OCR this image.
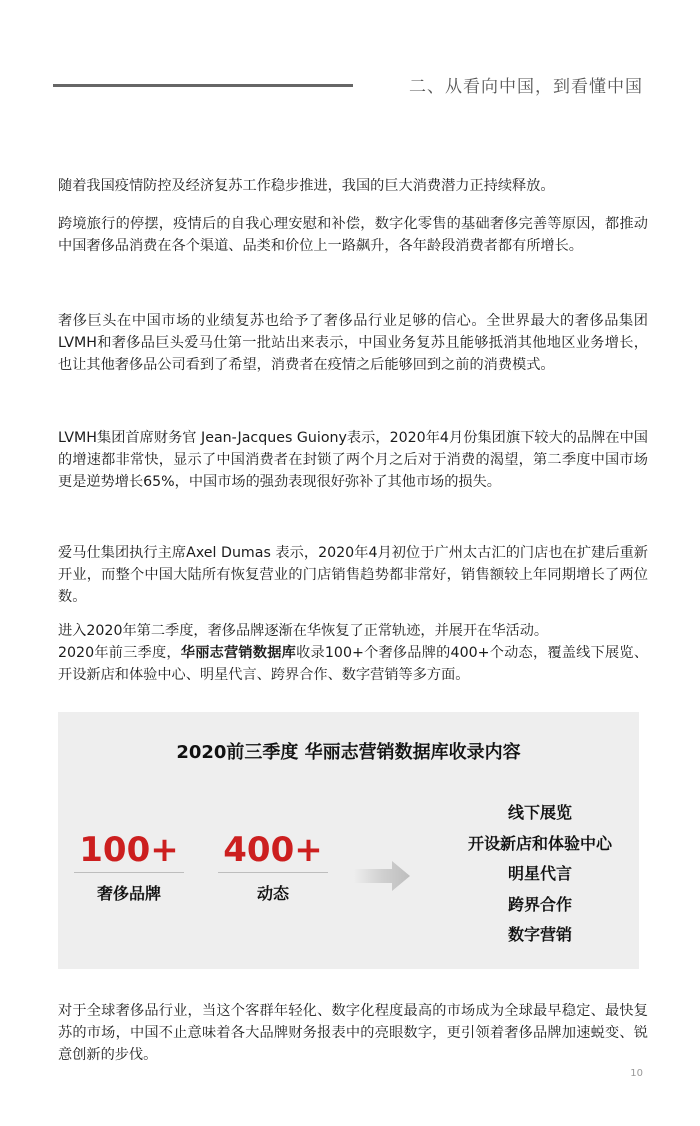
二、从看向中国，到看懂中国

随着我国疫情防控及经济复苏工作稳步推进，我国的巨大消费潜力正持续释放。

跨境旅行的停摆，疫情后的自我心理安慰和补偿，数字化零售的基础奢侈完善等原因，都推动中国奢侈品消费在各个渠道、品类和价位上一路飙升，各年龄段消费者都有所增长。

奢侈巨头在中国市场的业绩复苏也给予了奢侈品行业足够的信心。全世界最大的奢侈品集团LVMH和奢侈品巨头爱马仕第一批站出来表示，中国业务复苏且能够抵消其他地区业务增长，也让其他奢侈品公司看到了希望，消费者在疫情之后能够回到之前的消费模式。

LVMH集团首席财务官 Jean-Jacques Guiony表示，2020年4月份集团旗下较大的品牌在中国的增速都非常快，显示了中国消费者在封锁了两个月之后对于消费的渴望，第二季度中国市场更是逆势增长65%，中国市场的强劲表现很好弥补了其他市场的损失。

爱马仕集团执行主席Axel Dumas 表示，2020年4月初位于广州太古汇的门店也在扩建后重新开业，而整个中国大陆所有恢复营业的门店销售趋势都非常好，销售额较上年同期增长了两位数。

进入2020年第二季度，奢侈品牌逐渐在华恢复了正常轨迹，并展开在华活动。
2020年前三季度，华丽志营销数据库收录100+个奢侈品牌的400+个动态，覆盖线下展览、开设新店和体验中心、明星代言、跨界合作、数字营销等多方面。

2020前三季度 华丽志营销数据库收录内容
100+
奢侈品牌
400+
动态
线下展览
开设新店和体验中心
明星代言
跨界合作
数字营销

对于全球奢侈品行业，当这个客群年轻化、数字化程度最高的市场成为全球最早稳定、最快复苏的市场，中国不止意味着各大品牌财务报表中的亮眼数字，更引领着奢侈品牌加速蜕变、锐意创新的步伐。

10
